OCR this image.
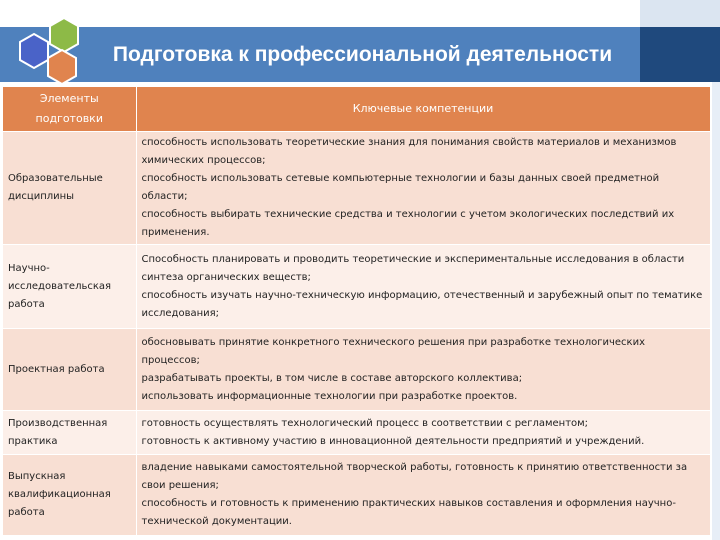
Подготовка к профессиональной деятельности
Элементы подготовки	Ключевые компетенции
Образовательные дисциплины	способность использовать теоретические знания для понимания свойств материалов и механизмов химических процессов;
способность использовать сетевые компьютерные технологии и базы данных своей предметной области;
способность выбирать технические средства и технологии с учетом экологических последствий их применения.

Научно-исследовательская работа	Способность планировать и проводить теоретические и экспериментальные исследования в области синтеза органических веществ;
способность изучать научно-техническую информацию, отечественный и зарубежный опыт по тематике исследования;

Проектная работа	обосновывать принятие конкретного технического решения при разработке технологических процессов;
разрабатывать проекты, в том числе в составе авторского коллектива;
использовать информационные технологии при разработке проектов.

Производственная практика	готовность осуществлять технологический процесс в соответствии с регламентом;
готовность к активному участию в инновационной деятельности предприятий и учреждений.

Выпускная квалификационная работа	владение навыками самостоятельной творческой работы, готовность к принятию ответственности за свои решения;
способность и готовность к применению практических навыков составления и оформления научно-технической документации.
